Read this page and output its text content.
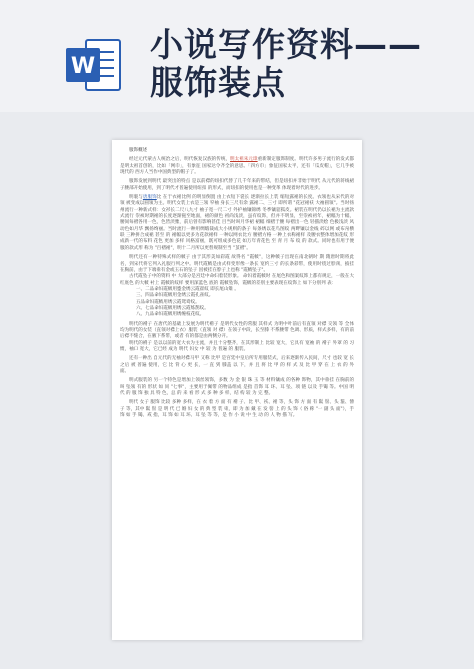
W
小说写作资料——
服饰装点
· · · · · · · ·

服饰概述

经过元代蒙古人统治之后，明代恢复汉族的传统，明太祖朱元璋重新制定服饰制度。明代许多男子流行的发式都是明太祖首创的，比如「网巾」，有象征 国家达令齐全的意思。「四方巾」象征国家太平，还有「瓜皮帽」，它几乎被现代的 西方人当作中国典型的帽子了。

服饰发展到明代 最突出的特点 是以前襟的纽扣代替了几千年来的带结，但是纽扣并非始于明代 从元代的蒋线裙子腰部开始使用，到了明代才普遍使用纽扣 的形式，而纽扣的使用也是一种变革 体现着时代的进步。

明裹与唐服饰比 在于衣裙比例 的明显倒置 由上衣短下裳长 逐渐拉长上装 缩短露裙的长度。衣领也从宋代的对领 被变成以圆领为主。明代女装上衣是三领 窄袖 身长三尺有余 露裙二、三寸 即所谓 "花冠裙袄 大袖圆领"。当时扬州流行一种新式样：女衫长二尺八九寸 袖子宽一尺二寸 外护袖镶锦绣 冬季镶貂狐皮。裙装在明代仍以长裙为主流款式流行 崇祯时期裙的长度逐渐拖至地面，裙的颜色 初尚浅淡，虽有纹饰，但并不明显，至崇祯初年，裙幅为十幅，腰间每褶各用一色，色皆淡雅，前后曾有影响甚佳 目当时叫月华裙 裙幅 细褶于腰 每褶出一色 轻描淡绘 色极浅淡 风动色如月华 飘扬绚丽。当时流行一种用绸缎裁成大小规则的条子 每条绣以花鸟图纹 两畔镶以金线 碎以网 或布帛横联 三种拼合成裙 甚至 的 裙幅以更多为花款裙样 一种以网衣比方 腰褶方格 一种上衣称裙样 及腰衣整体增加花纹 形成新一代的布料 花色 更加 多样 风格富丽，既可组成多色花 如万年青花色 至 青 月 布 纹 的 款式。同时也有用于便服的款式形 称为 "百褶裙"，明十二月所以更替规制至当 "茧褶"。

明代还有一种特殊式样的帔子 由于其形美如彩霞 故得名 "霞帔"，这种帔子出现在南北朝时 期 隋唐时期将此名，到宋代将它列入礼服行列之中。明代霞帔是由式样变形像一条长 宽约三寸 的长条彩带，使用时绕过脖颈，披挂在胸前，由于下端垂有金或玉石的坠子 因被挂在脖子上也称 "霞帔坠子"。

古代霞坠子中的资料 中 大部分是宫廷中命妇着装形象。 命妇着霞帔时 在尾色和图案纹饰上都有规定，一般在大红底色 的大帔 衬上 霞帔的纹样 要用深蓝色 底的 霞帔坠饰，霞帔的差别主要表现在纹饰上 如下分别列 表：

一、二品命妇霞帔用蹙金绣云霞翟纹 即长尾山雉 。

三、四品命妇霞帔用金绣云霞孔雀纹。

五品命妇霞帔用绣云霞鸳鸯纹。

六、七品命妇霞帔用绣云霞练鹊纹。

八、九品命妇霞帔用绣缠枝花纹。

明代的褙子 在唐代的基础上发展为明代褙子 是明代女性的常服 其样式 为明中叶前后有直领 对襟 交领 等 全体均为明代的女装（直领对襟上衣）服装（直领 对 襟）在领子中段，长至膝 不系腰带 色调、形质，样式多样，有的前后襟不缝合，在腋下系带，或者 有的都是由两侧分开。

明代的褙子 是以以前的宽大衣为主流，并且十分整齐，在其形制上 比较 宽大，它具有 宽袖 的 褙子 外罩 的 习惯，袖口 宽大，它已经 成为 明代 妇女 中 较 为 普遍 的 服装。

还有一种出 自元代的无袖对襟马甲 又称 比甲 是宫廷中皇后所专用服装式，后来逐渐传入民间，尺寸 也较 宽 长 之后 被 普遍 使用，它 比 背 心 更 长，一 直 到 膝盖 以 下，并 且 将 比 甲 的 样 式 及 比 甲 穿 在 上 衣 的 外 面。

明式服装的 另一个特色是增加上领丝领饰，多数 为 金 银 珠 玉 等 材料镶成 的各种 饰物，其中垂挂 在胸前的叫 坠领 有的 形状 如 同 "七事"，主要用于佩带 的物品组成 是指 首饰 耳 环、耳 坠、项 链 以及 手镯 等。中国 明 代 的 服 饰 独 具 特 色，总 的 来 看 形 式 多 种 多 样，结 构 较 为 完 整。

明代 女子 服饰 比较 多种 多样，在 衣 着 方 面 有 褙 子、比 甲、袄、裙 等，头 饰 方 面 有 鬏 髻、头 箍、簪 子 等，其中 鬏 髻 是 明 代 已 婚 妇 女 的 典 型 装 束，即 为 加 戴 在 发 髻 上 的 头 饰（ 俗 称 "一 副 头 面"），手 饰 如 手 镯、戒 指，耳 饰 如 耳 环、耳 坠 等 等，是 作 小 说 中 生 动 的 人 物 描 写。
